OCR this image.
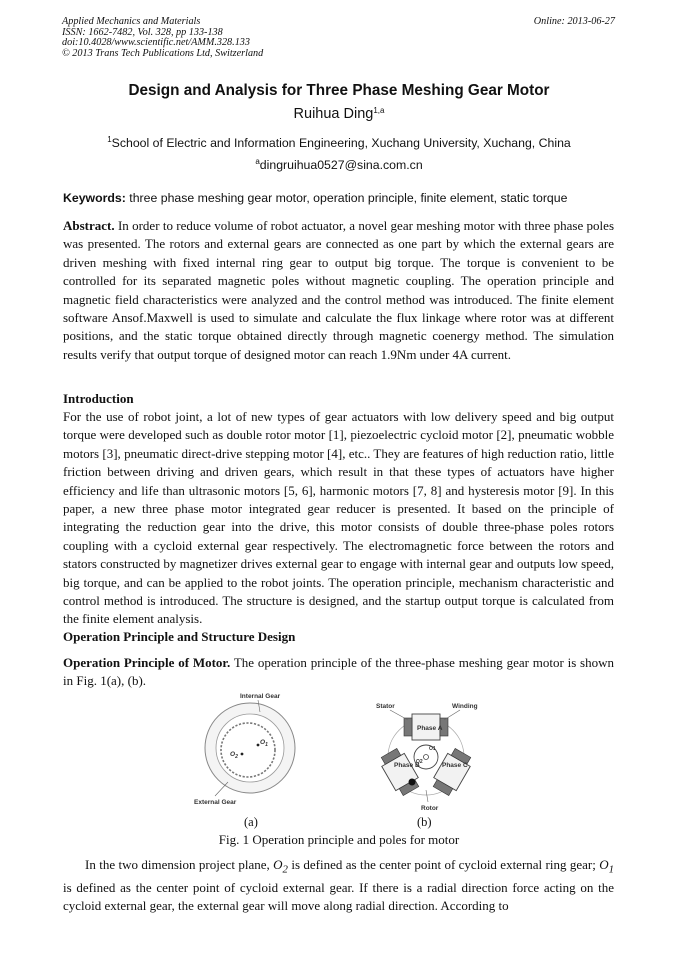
Applied Mechanics and Materials
ISSN: 1662-7482, Vol. 328, pp 133-138
doi:10.4028/www.scientific.net/AMM.328.133
© 2013 Trans Tech Publications Ltd, Switzerland
Online: 2013-06-27
Design and Analysis for Three Phase Meshing Gear Motor
Ruihua Ding$^{1,a}$
$^1$School of Electric and Information Engineering, Xuchang University, Xuchang, China
$^a$dingruihua0527@sina.com.cn
Keywords: three phase meshing gear motor, operation principle, finite element, static torque

Abstract. In order to reduce volume of robot actuator, a novel gear meshing motor with three phase poles was presented. The rotors and external gears are connected as one part by which the external gears are driven meshing with fixed internal ring gear to output big torque. The torque is convenient to be controlled for its separated magnetic poles without magnetic coupling. The operation principle and magnetic field characteristics were analyzed and the control method was introduced. The finite element software Ansof.Maxwell is used to simulate and calculate the flux linkage where rotor was at different positions, and the static torque obtained directly through magnetic coenergy method. The simulation results verify that output torque of designed motor can reach 1.9Nm under 4A current.

Introduction

For the use of robot joint, a lot of new types of gear actuators with low delivery speed and big output torque were developed such as double rotor motor [1], piezoelectric cycloid motor [2], pneumatic wobble motors [3], pneumatic direct-drive stepping motor [4], etc.. They are features of high reduction ratio, little friction between driving and driven gears, which result in that these types of actuators have higher efficiency and life than ultrasonic motors [5, 6], harmonic motors [7, 8] and hysteresis motor [9]. In this paper, a new three phase motor integrated gear reducer is presented. It based on the principle of integrating the reduction gear into the drive, this motor consists of double three-phase poles rotors coupling with a cycloid external gear respectively. The electromagnetic force between the rotors and stators constructed by magnetizer drives external gear to engage with internal gear and outputs low speed, big torque, and can be applied to the robot joints. The operation principle, mechanism characteristic and control method is introduced. The structure is designed, and the startup output torque is calculated from the finite element analysis.

Operation Principle and Structure Design

Operation Principle of Motor. The operation principle of the three-phase meshing gear motor is shown in Fig. 1(a), (b).

Internal Gear
External Gear
$O_1$
$O_2$
Stator	Winding
Phase A
Phase B	Phase C
O1
O2
Rotor
(a)	(b)
Fig. 1 Operation principle and poles for motor

In the two dimension project plane, $O_2$ is defined as the center point of cycloid external ring gear; $O_1$ is defined as the center point of cycloid external gear. If there is a radial direction force acting on the cycloid external gear, the external gear will move along radial direction. According to
